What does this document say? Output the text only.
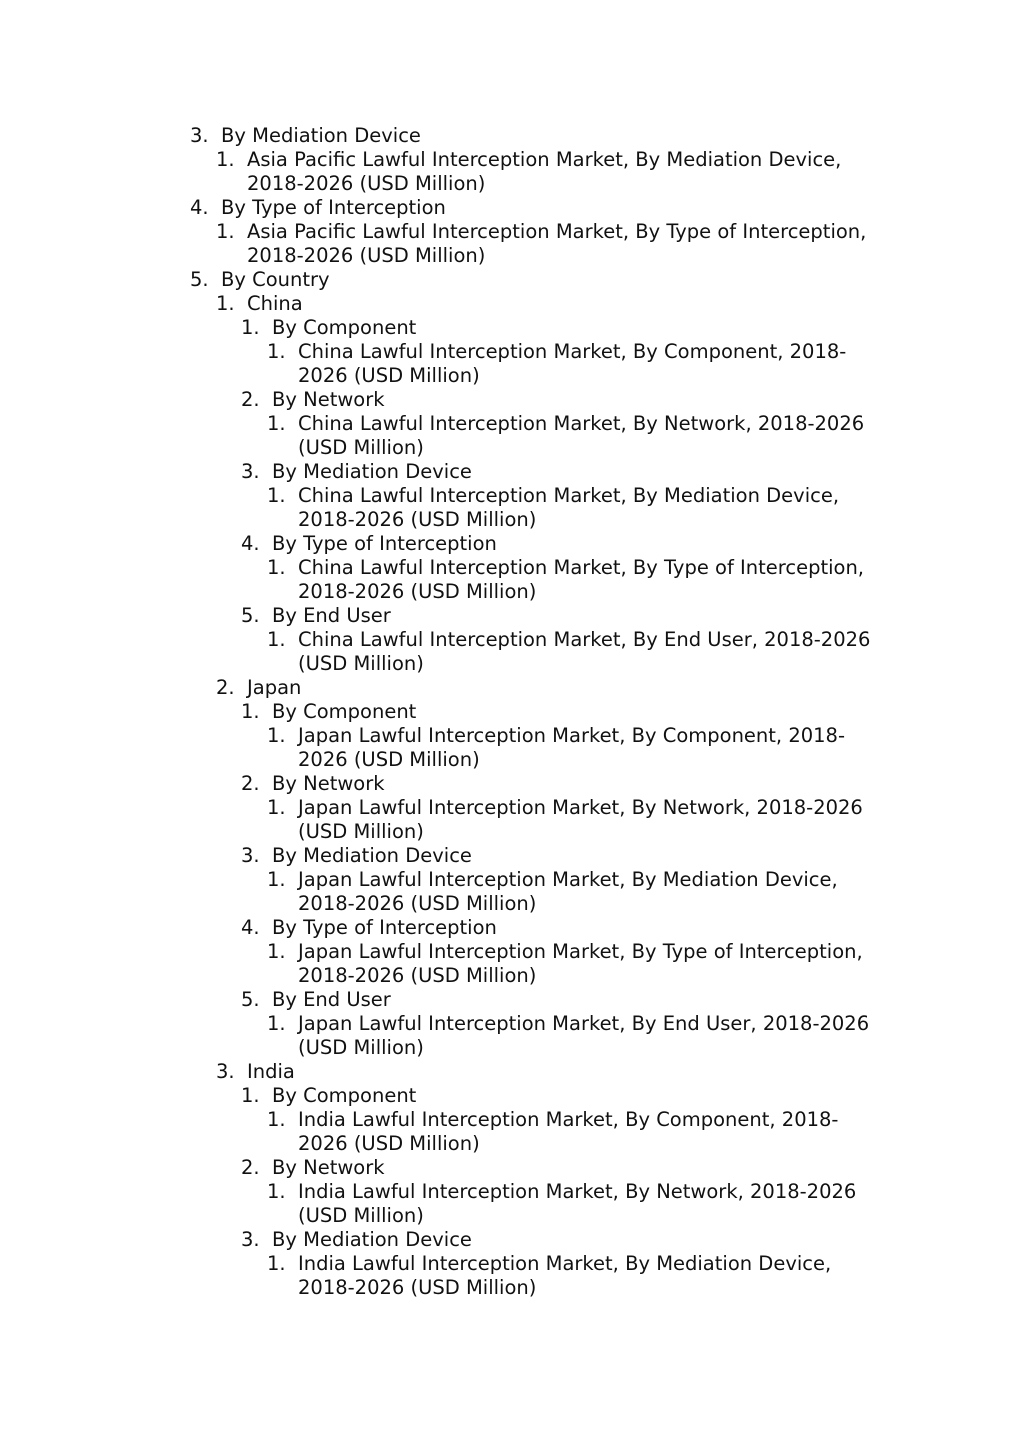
3. By Mediation Device
1. Asia Pacific Lawful Interception Market, By Mediation Device,
2018-2026 (USD Million)
4. By Type of Interception
1. Asia Pacific Lawful Interception Market, By Type of Interception,
2018-2026 (USD Million)
5. By Country
1. China
1. By Component
1. China Lawful Interception Market, By Component, 2018-
2026 (USD Million)
2. By Network
1. China Lawful Interception Market, By Network, 2018-2026
(USD Million)
3. By Mediation Device
1. China Lawful Interception Market, By Mediation Device,
2018-2026 (USD Million)
4. By Type of Interception
1. China Lawful Interception Market, By Type of Interception,
2018-2026 (USD Million)
5. By End User
1. China Lawful Interception Market, By End User, 2018-2026
(USD Million)
2. Japan
1. By Component
1. Japan Lawful Interception Market, By Component, 2018-
2026 (USD Million)
2. By Network
1. Japan Lawful Interception Market, By Network, 2018-2026
(USD Million)
3. By Mediation Device
1. Japan Lawful Interception Market, By Mediation Device,
2018-2026 (USD Million)
4. By Type of Interception
1. Japan Lawful Interception Market, By Type of Interception,
2018-2026 (USD Million)
5. By End User
1. Japan Lawful Interception Market, By End User, 2018-2026
(USD Million)
3. India
1. By Component
1. India Lawful Interception Market, By Component, 2018-
2026 (USD Million)
2. By Network
1. India Lawful Interception Market, By Network, 2018-2026
(USD Million)
3. By Mediation Device
1. India Lawful Interception Market, By Mediation Device,
2018-2026 (USD Million)
